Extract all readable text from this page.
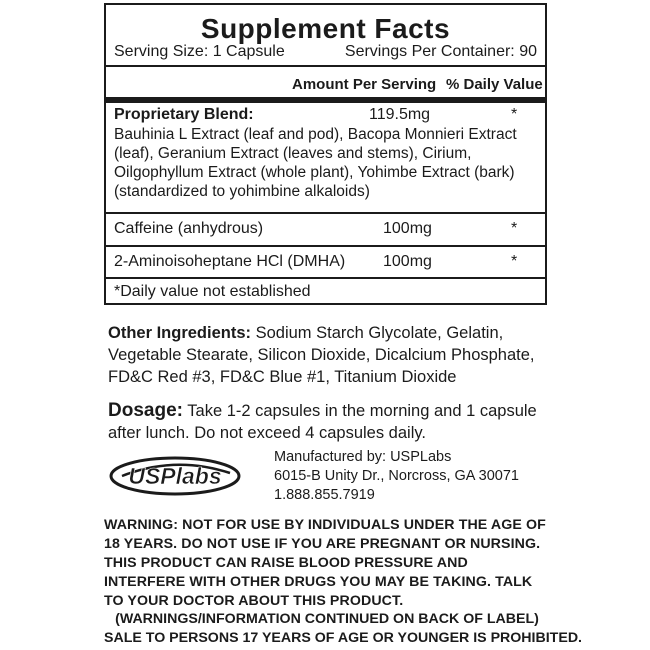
Supplement Facts
Serving Size: 1 Capsule	Servings Per Container: 90
Amount Per Serving % Daily Value
Proprietary Blend:	119.5mg	*
Bauhinia L Extract (leaf and pod), Bacopa Monnieri Extract (leaf), Geranium Extract (leaves and stems), Cirium, Oilgophyllum Extract (whole plant), Yohimbe Extract (bark) (standardized to yohimbine alkaloids)
Caffeine (anhydrous)	100mg	*
2-Aminoisoheptane HCl (DMHA) 100mg	*
*Daily value not established
Other Ingredients: Sodium Starch Glycolate, Gelatin, Vegetable Stearate, Silicon Dioxide, Dicalcium Phosphate, FD&C Red #3, FD&C Blue #1, Titanium Dioxide
Dosage: Take 1-2 capsules in the morning and 1 capsule after lunch. Do not exceed 4 capsules daily.
USPlabs
Manufactured by: USPLabs
6015-B Unity Dr., Norcross, GA 30071
1.888.855.7919
WARNING: NOT FOR USE BY INDIVIDUALS UNDER THE AGE OF 18 YEARS. DO NOT USE IF YOU ARE PREGNANT OR NURSING. THIS PRODUCT CAN RAISE BLOOD PRESSURE AND INTERFERE WITH OTHER DRUGS YOU MAY BE TAKING. TALK TO YOUR DOCTOR ABOUT THIS PRODUCT.
(WARNINGS/INFORMATION CONTINUED ON BACK OF LABEL)
SALE TO PERSONS 17 YEARS OF AGE OR YOUNGER IS PROHIBITED.
